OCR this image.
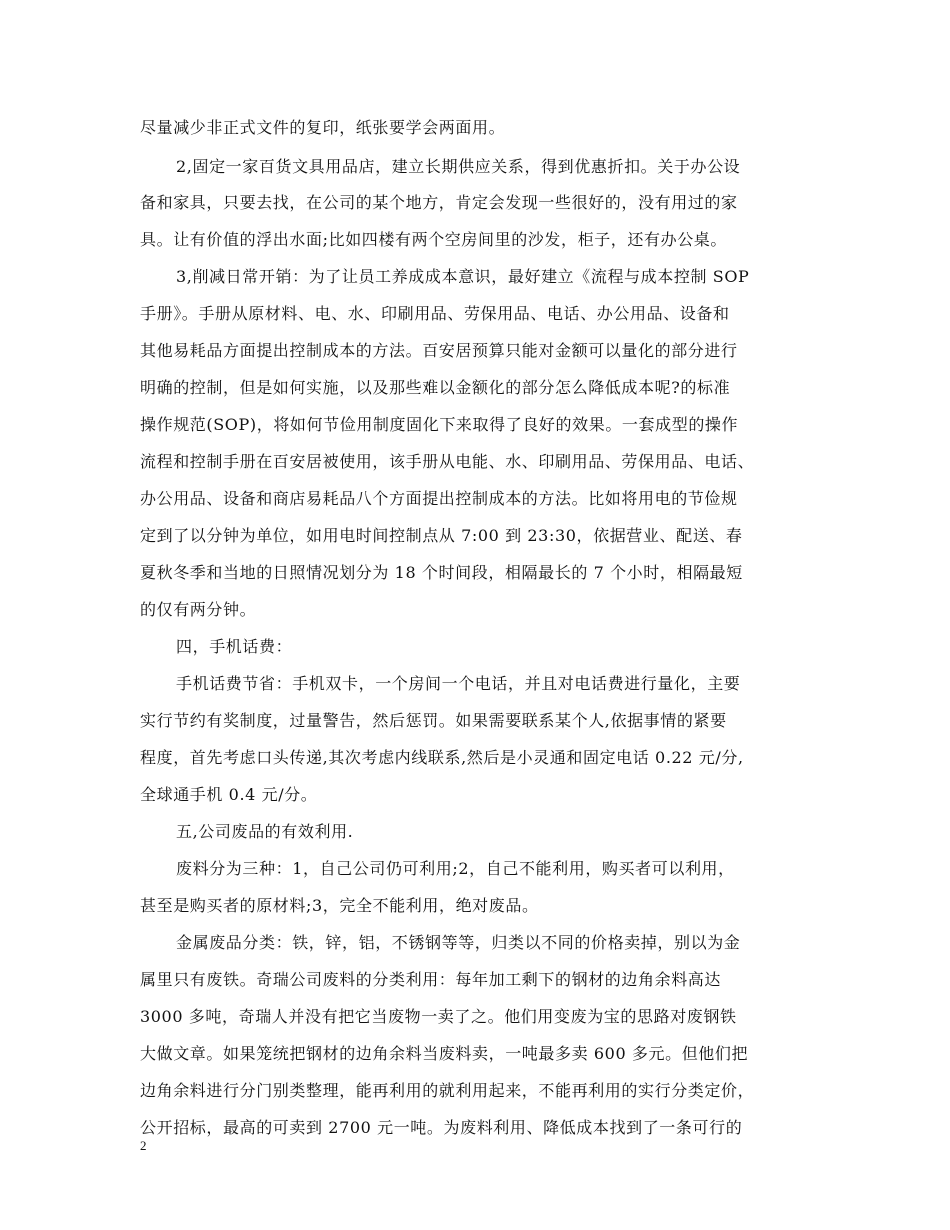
尽量减少非正式文件的复印，纸张要学会两面用。
2,固定一家百货文具用品店，建立长期供应关系，得到优惠折扣。关于办公设
备和家具，只要去找，在公司的某个地方，肯定会发现一些很好的，没有用过的家
具。让有价值的浮出水面;比如四楼有两个空房间里的沙发，柜子，还有办公桌。
3,削减日常开销：为了让员工养成成本意识，最好建立《流程与成本控制 SOP
手册》。手册从原材料、电、水、印刷用品、劳保用品、电话、办公用品、设备和
其他易耗品方面提出控制成本的方法。百安居预算只能对金额可以量化的部分进行
明确的控制，但是如何实施，以及那些难以金额化的部分怎么降低成本呢?的标准
操作规范(SOP)，将如何节俭用制度固化下来取得了良好的效果。一套成型的操作
流程和控制手册在百安居被使用，该手册从电能、水、印刷用品、劳保用品、电话、
办公用品、设备和商店易耗品八个方面提出控制成本的方法。比如将用电的节俭规
定到了以分钟为单位，如用电时间控制点从 7:00 到 23:30，依据营业、配送、春
夏秋冬季和当地的日照情况划分为 18 个时间段，相隔最长的 7 个小时，相隔最短
的仅有两分钟。
四，手机话费：
手机话费节省：手机双卡，一个房间一个电话，并且对电话费进行量化，主要
实行节约有奖制度，过量警告，然后惩罚。如果需要联系某个人,依据事情的紧要
程度，首先考虑口头传递,其次考虑内线联系,然后是小灵通和固定电话 0.22 元/分,
全球通手机 0.4 元/分。
五,公司废品的有效利用.
废料分为三种：1，自己公司仍可利用;2，自己不能利用，购买者可以利用，
甚至是购买者的原材料;3，完全不能利用，绝对废品。
金属废品分类：铁，锌，铝，不锈钢等等，归类以不同的价格卖掉，别以为金
属里只有废铁。奇瑞公司废料的分类利用：每年加工剩下的钢材的边角余料高达
3000 多吨，奇瑞人并没有把它当废物一卖了之。他们用变废为宝的思路对废钢铁
大做文章。如果笼统把钢材的边角余料当废料卖，一吨最多卖 600 多元。但他们把
边角余料进行分门别类整理，能再利用的就利用起来，不能再利用的实行分类定价，
公开招标，最高的可卖到 2700 元一吨。为废料利用、降低成本找到了一条可行的
2
